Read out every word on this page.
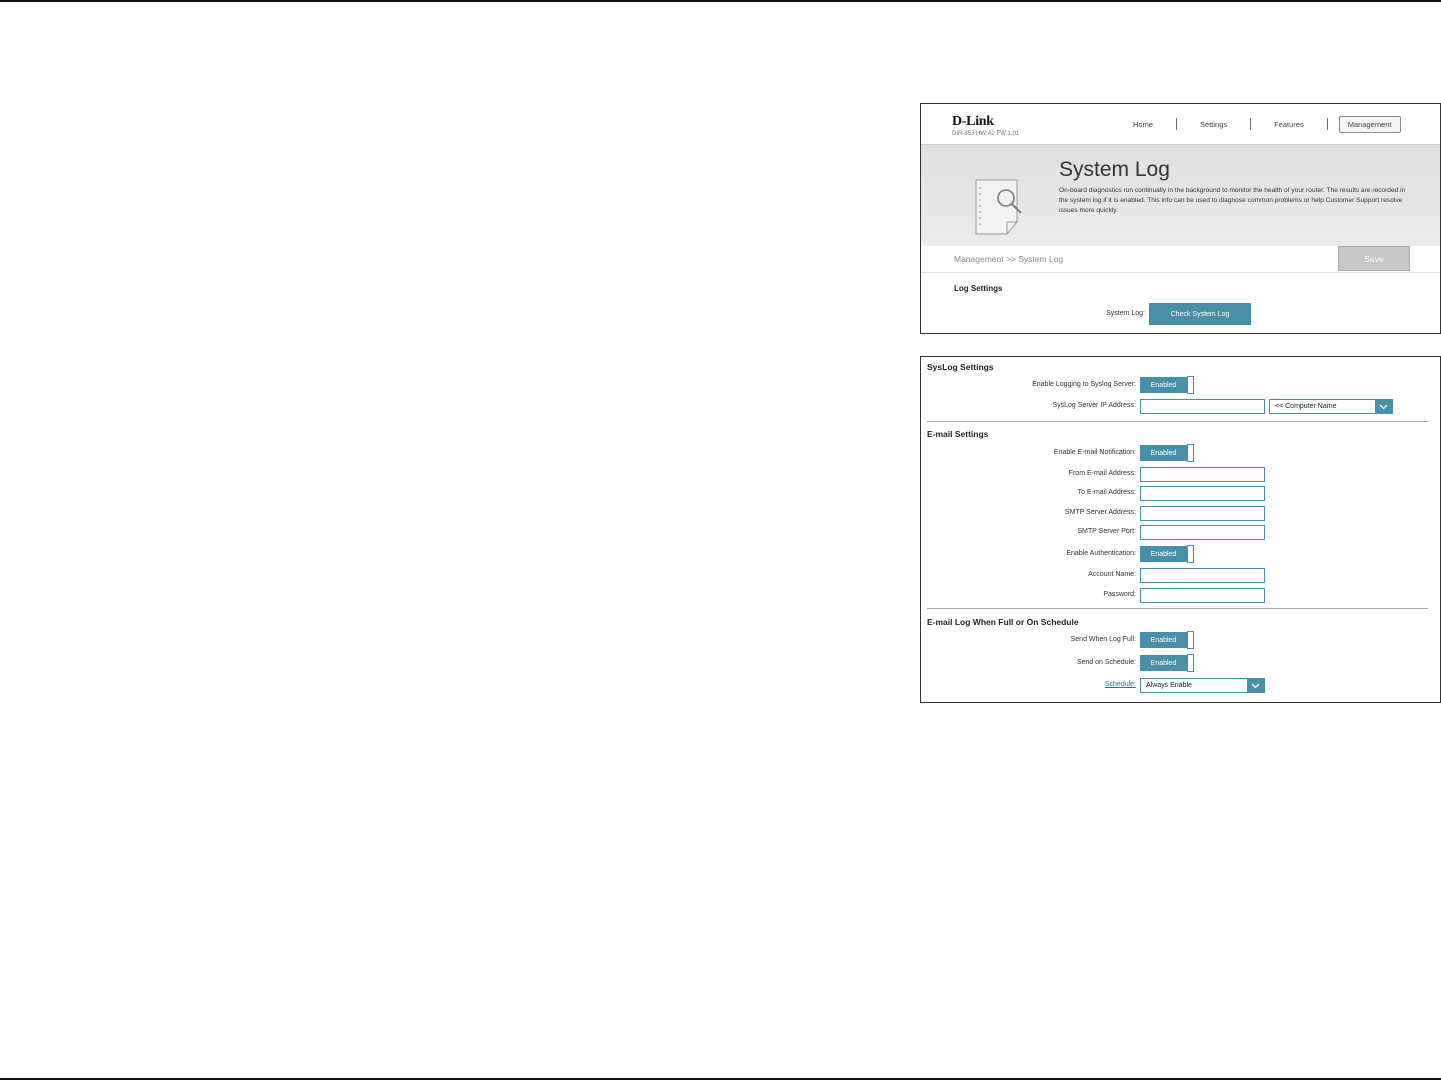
D-Link
DIR-853 HW:A2 FW:1.01
Home	Settings	Features	Management
System Log
On-board diagnostics run continually in the background to monitor the health of your router. The results are recorded in the system log if it is enabled. This info can be used to diagnose common problems or help Customer Support resolve issues more quickly.
Management >> System Log	Save
Log Settings
System Log:	Check System Log
SysLog Settings
Enable Logging to Syslog Server:	Enabled
SysLog Server IP Address:	<< Computer Name
E-mail Settings
Enable E-mail Notification:	Enabled
From E-mail Address:
To E-mail Address:
SMTP Server Address:
SMTP Server Port:
Enable Authentication:	Enabled
Account Name:
Password:
E-mail Log When Full or On Schedule
Send When Log Full:	Enabled
Send on Schedule:	Enabled
Schedule: Always Enable
